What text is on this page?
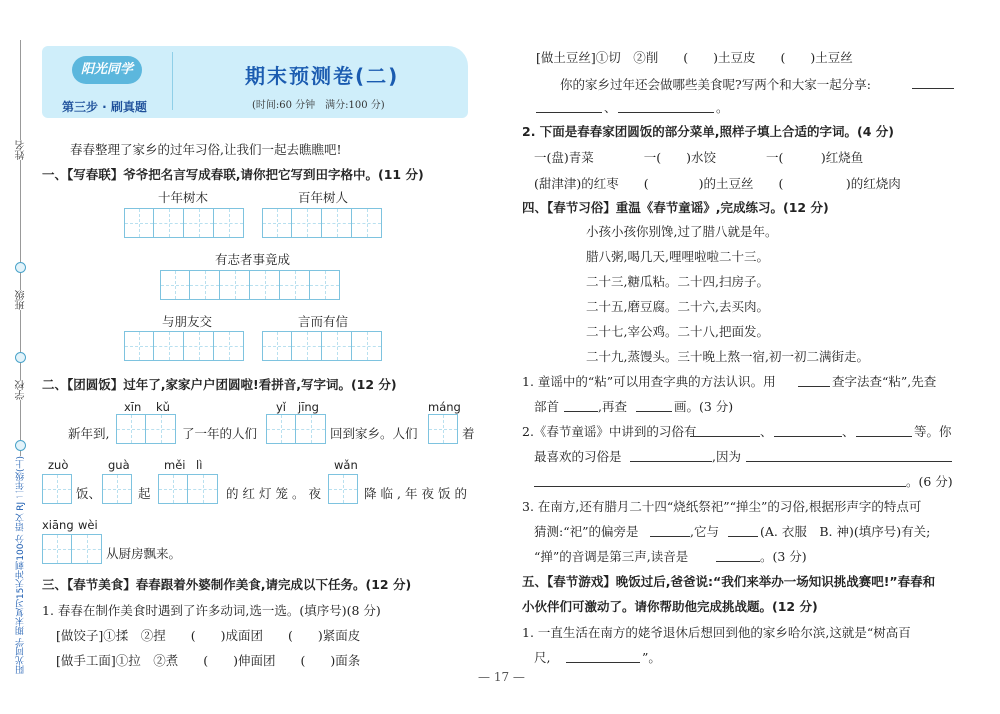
姓名
班级
学校
阳光同学 期末复习15天冲刺100分 语文 RJ 二年级(上)
阳光同学
第三步 · 刷真题
期末预测卷(二)
(时间:60 分钟　满分:100 分)
春春整理了家乡的过年习俗,让我们一起去瞧瞧吧!
一、【写春联】爷爷把名言写成春联,请你把它写到田字格中。(11 分)
十年树木	百年树人
有志者事竟成
与朋友交	言而有信
二、【团圆饭】过年了,家家户户团圆啦!看拼音,写字词。(12 分)
xīn kǔ	yǐ jīng	máng
新年到,	了一年的人们	回到家乡。人们	着
zuò	guà	měi lì	wǎn
饭、	起	的红灯笼。夜	降临,年夜饭的
xiāng wèi
从厨房飘来。
三、【春节美食】春春跟着外婆制作美食,请完成以下任务。(12 分)
1. 春春在制作美食时遇到了许多动词,选一选。(填序号)(8 分)
[做饺子]①揉　②捏　　(　　)成面团　　(　　)紧面皮
[做手工面]①拉　②煮　　(　　)伸面团　　(　　)面条
[做土豆丝]①切　②削　　(　　)土豆皮　　(　　)土豆丝
你的家乡过年还会做哪些美食呢?写两个和大家一起分享:
、	。
2. 下面是春春家团圆饭的部分菜单,照样子填上合适的字词。(4 分)
一(盘)青菜　　　　一(　　)水饺　　　　一(　　　)红烧鱼
(甜津津)的红枣　　(　　　　)的土豆丝　　(　　　　　)的红烧肉
四、【春节习俗】重温《春节童谣》,完成练习。(12 分)
小孩小孩你别馋,过了腊八就是年。
腊八粥,喝几天,哩哩啦啦二十三。
二十三,糖瓜粘。二十四,扫房子。
二十五,磨豆腐。二十六,去买肉。
二十七,宰公鸡。二十八,把面发。
二十九,蒸馒头。三十晚上熬一宿,初一初二满街走。
1. 童谣中的“粘”可以用查字典的方法认识。用	查字法查“粘”,先查
部首	,再查	画。(3 分)
2.《春节童谣》中讲到的习俗有	、	、	等。你
最喜欢的习俗是	,因为
。(6 分)
3. 在南方,还有腊月二十四“烧纸祭祀”“掸尘”的习俗,根据形声字的特点可
猜测:“祀”的偏旁是	,它与	(A. 衣服　B. 神)(填序号)有关;
“掸”的音调是第三声,读音是	。(3 分)
五、【春节游戏】晚饭过后,爸爸说:“我们来举办一场知识挑战赛吧!”春春和
小伙伴们可激动了。请你帮助他完成挑战题。(12 分)
1. 一直生活在南方的姥爷退休后想回到他的家乡哈尔滨,这就是“树高百
尺,	”。
— 17 —
